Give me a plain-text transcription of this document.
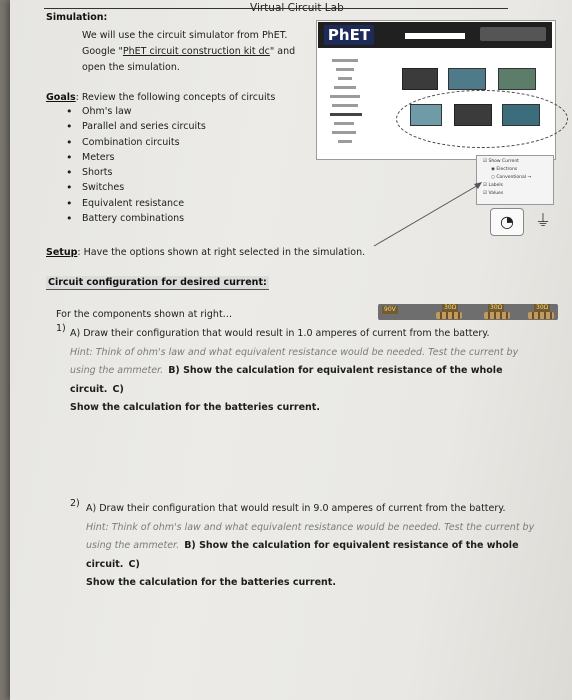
Virtual Circuit Lab
Simulation:
We will use the circuit simulator from PhET.
Google "PhET circuit construction kit dc" and
open the simulation.
Goals: Review the following concepts of circuits
• Ohm's law
• Parallel and series circuits
• Combination circuits
• Meters
• Shorts
• Switches
• Equivalent resistance
• Battery combinations
PhET
☑ Show Current
◉ Electrons
○ Conventional →
☑ Labels
☑ Values
◔	⏚
Setup: Have the options shown at right selected in the simulation.
Circuit configuration for desired current:
90V	30Ω	30Ω	30Ω
For the components shown at right…
1) A) Draw their configuration that would result in 1.0 amperes of current from the battery.
Hint: Think of ohm's law and what equivalent resistance would be needed. Test the current by using the ammeter. B) Show the calculation for equivalent resistance of the whole circuit. C)
Show the calculation for the batteries current.
2) A) Draw their configuration that would result in 9.0 amperes of current from the battery.
Hint: Think of ohm's law and what equivalent resistance would be needed. Test the current by using the ammeter. B) Show the calculation for equivalent resistance of the whole circuit. C)
Show the calculation for the batteries current.
